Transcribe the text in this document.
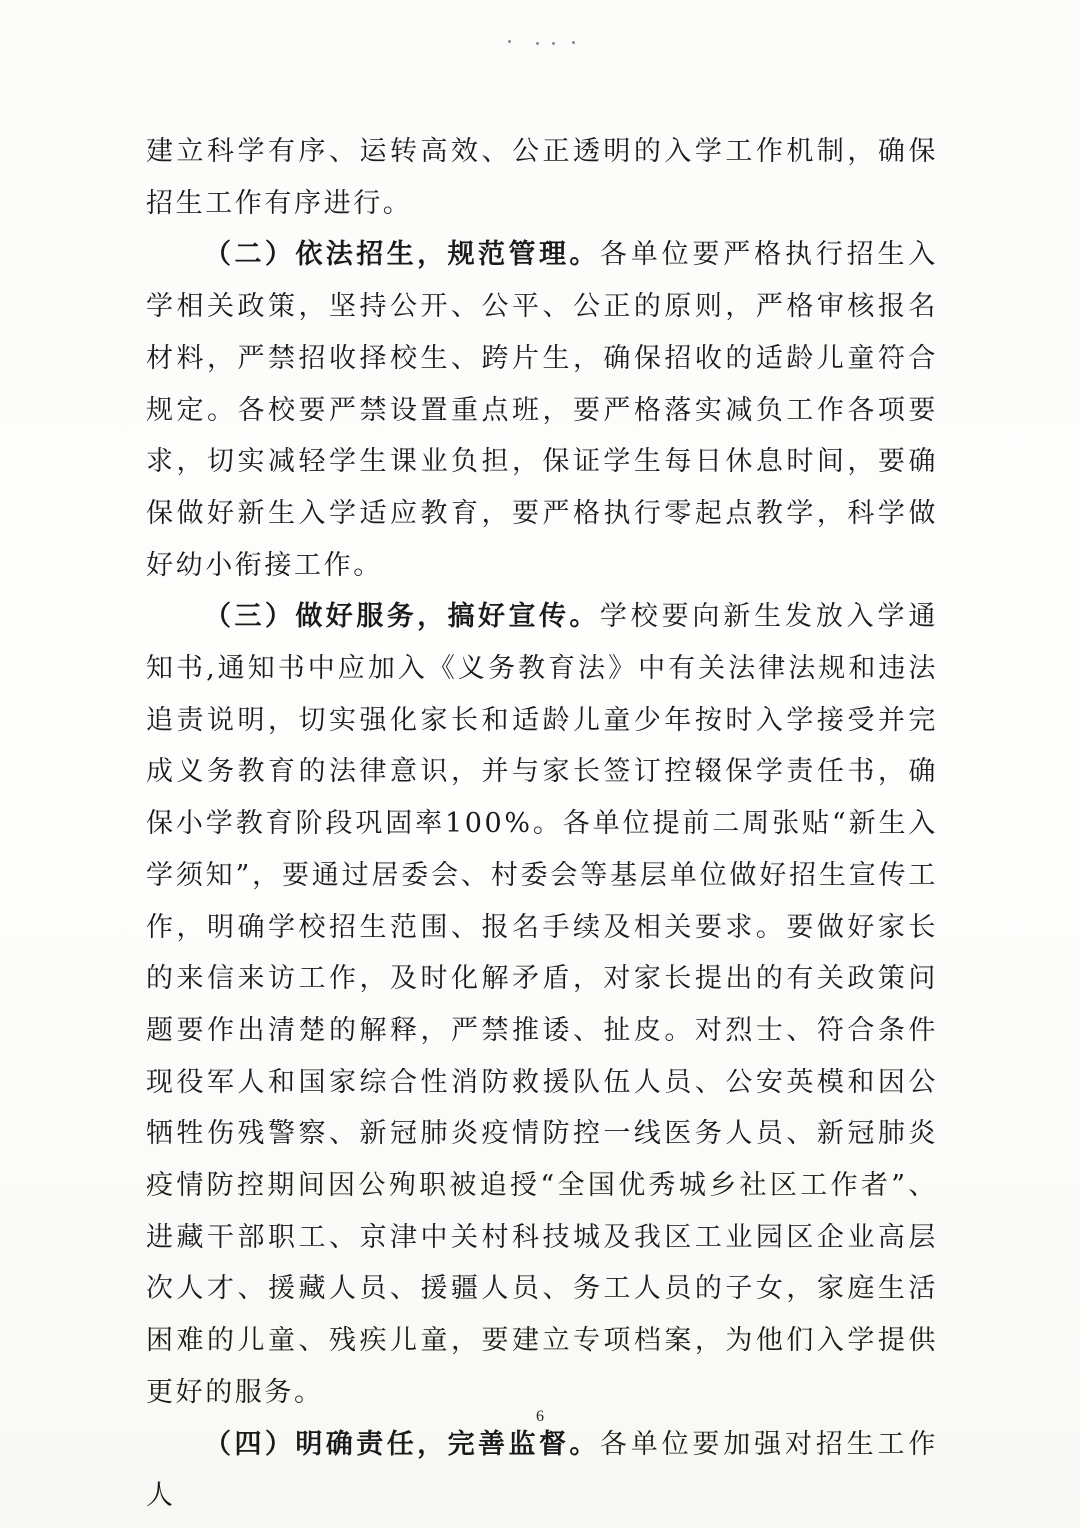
建立科学有序、运转高效、公正透明的入学工作机制，确保招生工作有序进行。

（二）依法招生，规范管理。各单位要严格执行招生入学相关政策，坚持公开、公平、公正的原则，严格审核报名材料，严禁招收择校生、跨片生，确保招收的适龄儿童符合规定。各校要严禁设置重点班，要严格落实减负工作各项要求，切实减轻学生课业负担，保证学生每日休息时间，要确保做好新生入学适应教育，要严格执行零起点教学，科学做好幼小衔接工作。

（三）做好服务，搞好宣传。学校要向新生发放入学通知书,通知书中应加入《义务教育法》中有关法律法规和违法追责说明，切实强化家长和适龄儿童少年按时入学接受并完成义务教育的法律意识，并与家长签订控辍保学责任书，确保小学教育阶段巩固率100%。各单位提前二周张贴“新生入学须知”，要通过居委会、村委会等基层单位做好招生宣传工作，明确学校招生范围、报名手续及相关要求。要做好家长的来信来访工作，及时化解矛盾，对家长提出的有关政策问题要作出清楚的解释，严禁推诿、扯皮。对烈士、符合条件现役军人和国家综合性消防救援队伍人员、公安英模和因公牺牲伤残警察、新冠肺炎疫情防控一线医务人员、新冠肺炎疫情防控期间因公殉职被追授“全国优秀城乡社区工作者”、进藏干部职工、京津中关村科技城及我区工业园区企业高层次人才、援藏人员、援疆人员、务工人员的子女，家庭生活困难的儿童、残疾儿童，要建立专项档案，为他们入学提供更好的服务。

（四）明确责任，完善监督。各单位要加强对招生工作人

6
